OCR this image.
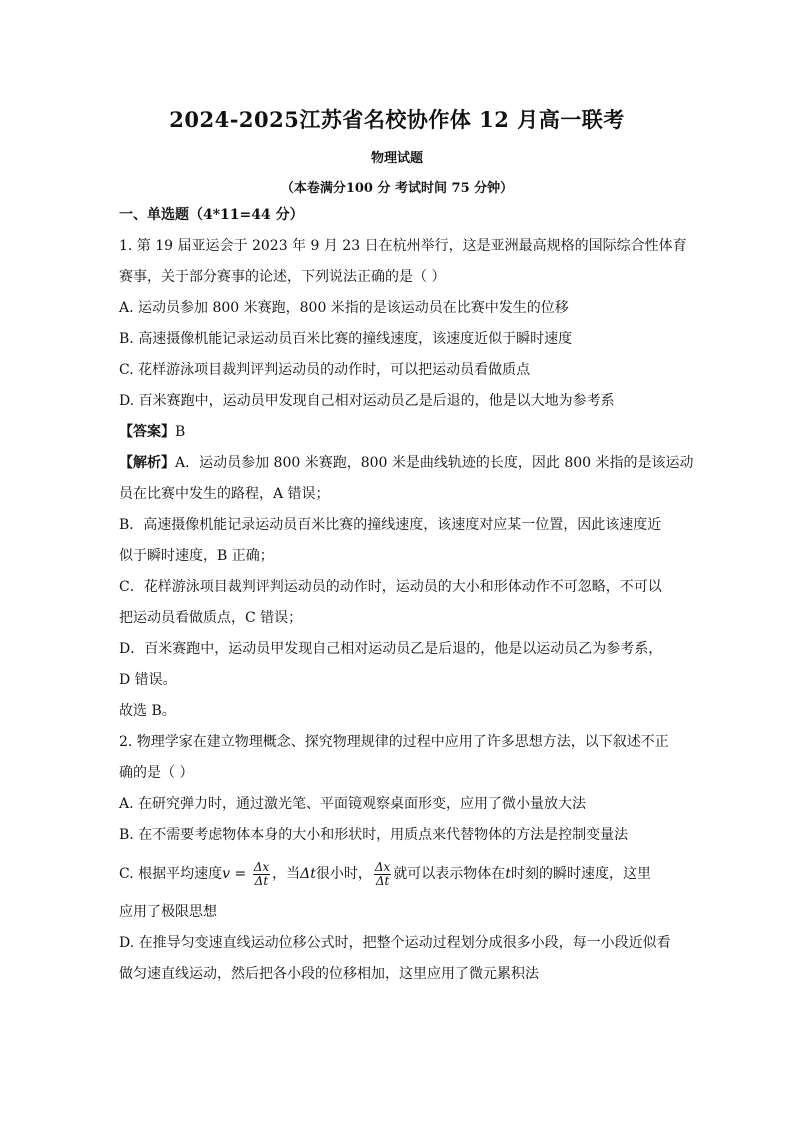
2024-2025江苏省名校协作体 12 月高一联考
物理试题
（本卷满分100 分 考试时间 75 分钟）
一、单选题（4*11=44 分）
1. 第 19 届亚运会于 2023 年 9 月 23 日在杭州举行，这是亚洲最高规格的国际综合性体育
赛事，关于部分赛事的论述，下列说法正确的是（ ）
A. 运动员参加 800 米赛跑，800 米指的是该运动员在比赛中发生的位移
B. 高速摄像机能记录运动员百米比赛的撞线速度，该速度近似于瞬时速度
C. 花样游泳项目裁判评判运动员的动作时，可以把运动员看做质点
D. 百米赛跑中，运动员甲发现自己相对运动员乙是后退的，他是以大地为参考系
【答案】B
【解析】A．运动员参加 800 米赛跑，800 米是曲线轨迹的长度，因此 800 米指的是该运动
员在比赛中发生的路程，A 错误；
B．高速摄像机能记录运动员百米比赛的撞线速度，该速度对应某一位置，因此该速度近
似于瞬时速度，B 正确；
C．花样游泳项目裁判评判运动员的动作时，运动员的大小和形体动作不可忽略，不可以
把运动员看做质点，C 错误；
D．百米赛跑中，运动员甲发现自己相对运动员乙是后退的，他是以运动员乙为参考系，
D 错误。
故选 B。
2. 物理学家在建立物理概念、探究物理规律的过程中应用了许多思想方法，以下叙述不正
确的是（ ）
A. 在研究弹力时，通过激光笔、平面镜观察桌面形变，应用了微小量放大法
B. 在不需要考虑物体本身的大小和形状时，用质点来代替物体的方法是控制变量法
C. 根据平均速度$v = \frac{\Delta x}{\Delta t}$ ，当Δt很小时， $\frac{\Delta x}{\Delta t}$ 就可以表示物体在t时刻的瞬时速度，这里
应用了极限思想
D. 在推导匀变速直线运动位移公式时，把整个运动过程划分成很多小段，每一小段近似看
做匀速直线运动，然后把各小段的位移相加，这里应用了微元累积法
